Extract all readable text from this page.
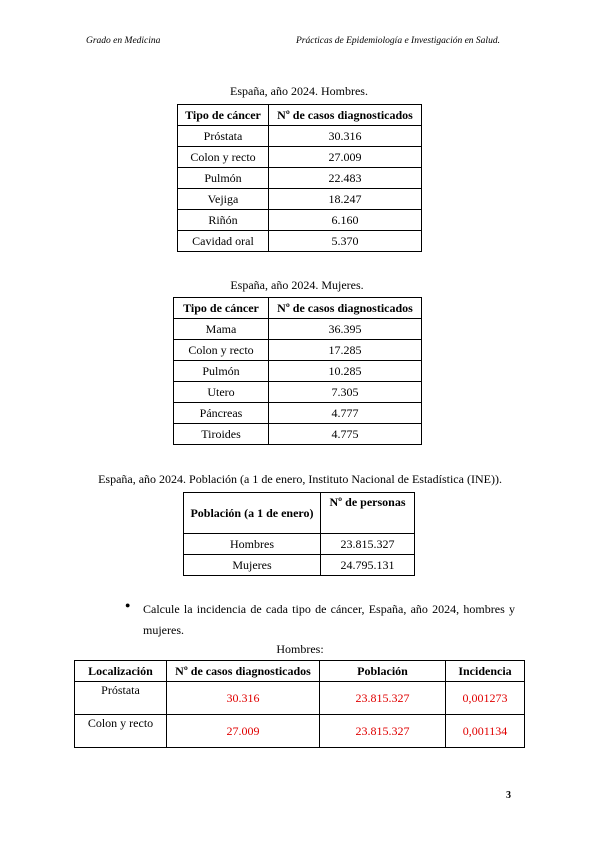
Grado en Medicina	Prácticas de Epidemiología e Investigación en Salud.
España, año 2024. Hombres.
Tipo de cáncer	Nº de casos diagnosticados
Próstata	30.316
Colon y recto	27.009
Pulmón	22.483
Vejiga	18.247
Riñón	6.160
Cavidad oral	5.370
España, año 2024. Mujeres.
Tipo de cáncer	Nº de casos diagnosticados
Mama	36.395
Colon y recto	17.285
Pulmón	10.285
Utero	7.305
Páncreas	4.777
Tiroides	4.775
España, año 2024. Población (a 1 de enero, Instituto Nacional de Estadística (INE)).
Población (a 1 de enero)	Nº de personas
Hombres	23.815.327
Mujeres	24.795.131
● Calcule la incidencia de cada tipo de cáncer, España, año 2024, hombres y mujeres.
Hombres:
Localización	Nº de casos diagnosticados	Población	Incidencia
Próstata	30.316	23.815.327	0,001273
Colon y recto	27.009	23.815.327	0,001134
3
